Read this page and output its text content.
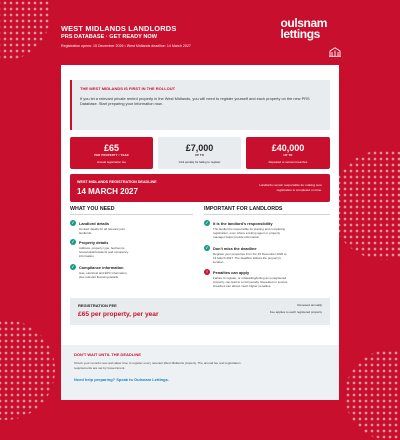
WEST MIDLANDS LANDLORDS
PRS DATABASE · GET READY NOW
Registration opens: 15 December 2026 • West Midlands deadline: 14 March 2027
oulsnam
lettings
THE WEST MIDLANDS IS FIRST IN THE ROLLOUT
If you let a relevant private rented property in the West Midlands, you will need to register yourself and each property on the new PRS Database. Start preparing your information now.
£65
PER PROPERTY / YEAR
Annual registration fee
£7,000
UP TO
Civil penalty for failing to register
£40,000
UP TO
Repeated or serious breaches
WEST MIDLANDS REGISTRATION DEADLINE
14 MARCH 2027
Landlords remain responsible for making sure registration is completed on time.
WHAT YOU NEED	IMPORTANT FOR LANDLORDS
✓	Landlord details
Contact details for all relevant joint landlords.
✓	Property details
Address, property type, bedrooms, households/residents and occupancy information.
✓	Compliance information
Gas, electrical and EPC information, plus relevant licensing details.
✓	It is the landlord's responsibility
The landlord is responsible for starting and completing registration, even where a letting agent or property manager helps provide information.
✓	Don't miss the deadline
Register your properties from the 15 December 2026 to 14 March 2027. The deadline follows the property's location.
!	Penalties can apply
Failure to register, or misleading/letting an unregistered property, can lead to a civil penalty. Repeated or serious breaches can attract much higher penalties.
REGISTRATION FEE
£65 per property, per year
Renewed annually
Fee applies to each registered property
DON'T WAIT UNTIL THE DEADLINE
Check your records now and allow time to register every relevant West Midlands property. The annual fee and registration requirements are set by Government.
Need help preparing? Speak to Oulsnam Lettings.
